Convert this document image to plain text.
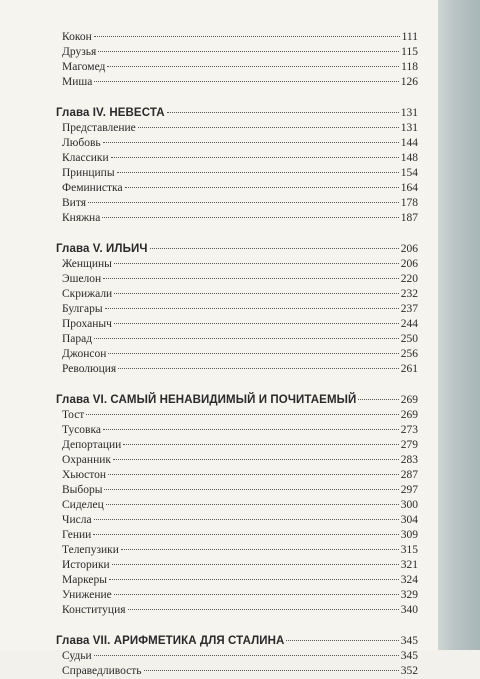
Кокон	111
Друзья	115
Магомед	118
Миша	126
Глава IV. НЕВЕСТА	131
Представление	131
Любовь	144
Классики	148
Принципы	154
Феминистка	164
Витя	178
Княжна	187
Глава V. ИЛЬИЧ	206
Женщины	206
Эшелон	220
Скрижали	232
Булгары	237
Проханыч	244
Парад	250
Джонсон	256
Революция	261
Глава VI. САМЫЙ НЕНАВИДИМЫЙ И ПОЧИТАЕМЫЙ	269
Тост	269
Тусовка	273
Депортации	279
Охранник	283
Хьюстон	287
Выборы	297
Сиделец	300
Числа	304
Гении	309
Телепузики	315
Историки	321
Маркеры	324
Унижение	329
Конституция	340
Глава VII. АРИФМЕТИКА ДЛЯ СТАЛИНА	345
Судьи	345
Справедливость	352
